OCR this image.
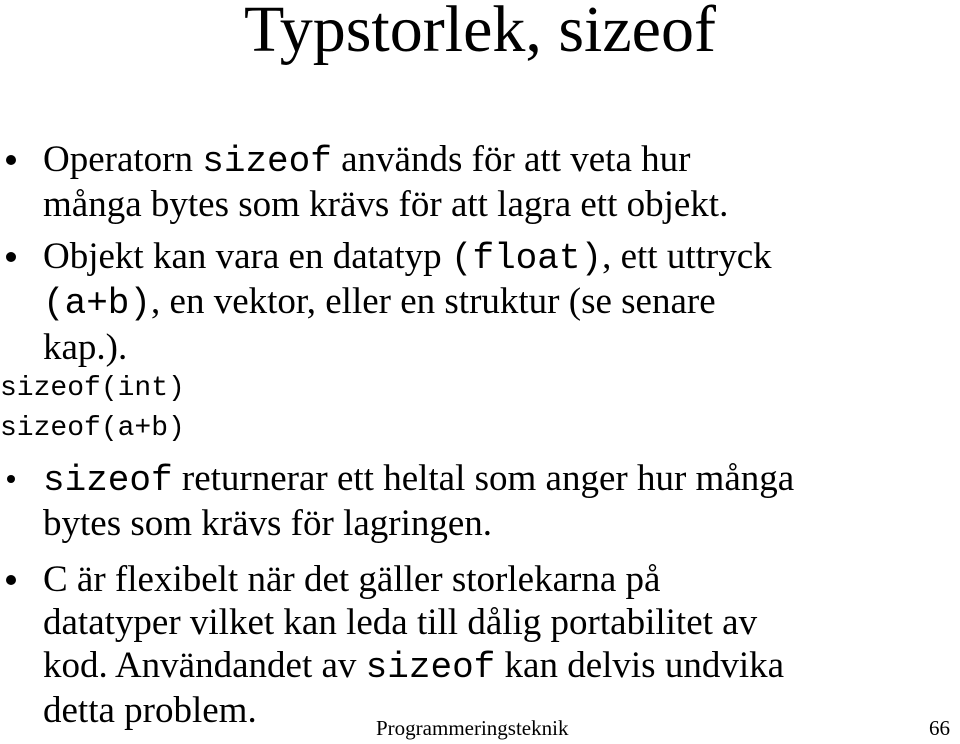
Typstorlek, sizeof
Operatorn sizeof används för att veta hur
många bytes som krävs för att lagra ett objekt.
Objekt kan vara en datatyp (float), ett uttryck
(a+b), en vektor, eller en struktur (se senare
kap.).
sizeof(int)
sizeof(a+b)
sizeof returnerar ett heltal som anger hur många
bytes som krävs för lagringen.
C är flexibelt när det gäller storlekarna på
datatyper vilket kan leda till dålig portabilitet av
kod. Användandet av sizeof kan delvis undvika
detta problem.	Programmeringsteknik	66
